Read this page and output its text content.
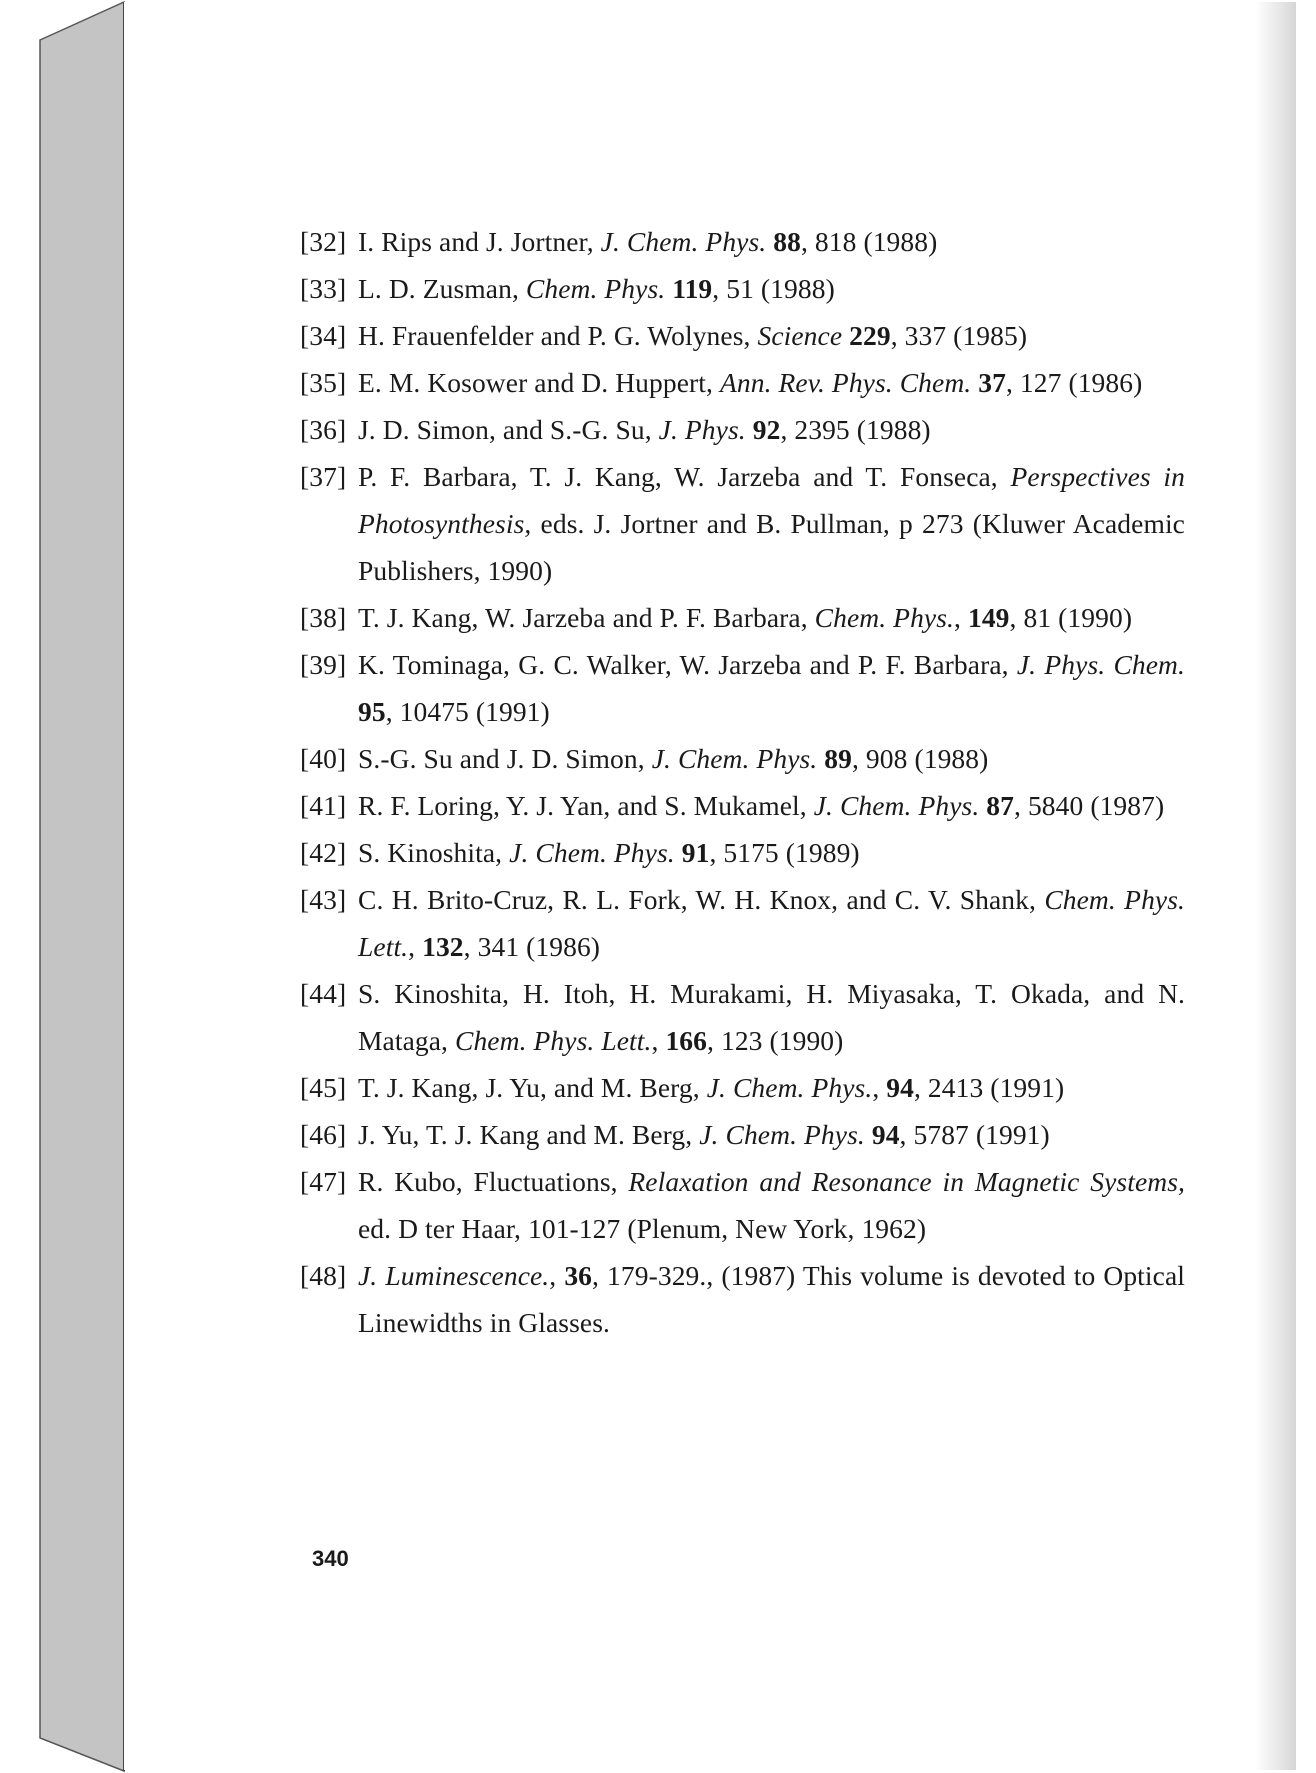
[32] I. Rips and J. Jortner, J. Chem. Phys. 88, 818 (1988)
[33] L. D. Zusman, Chem. Phys. 119, 51 (1988)
[34] H. Frauenfelder and P. G. Wolynes, Science 229, 337 (1985)
[35] E. M. Kosower and D. Huppert, Ann. Rev. Phys. Chem. 37, 127 (1986)
[36] J. D. Simon, and S.-G. Su, J. Phys. 92, 2395 (1988)
[37] P. F. Barbara, T. J. Kang, W. Jarzeba and T. Fonseca, Perspectives in Photosynthesis, eds. J. Jortner and B. Pullman, p 273 (Kluwer Academic Publishers, 1990)
[38] T. J. Kang, W. Jarzeba and P. F. Barbara, Chem. Phys., 149, 81 (1990)
[39] K. Tominaga, G. C. Walker, W. Jarzeba and P. F. Barbara, J. Phys. Chem. 95, 10475 (1991)
[40] S.-G. Su and J. D. Simon, J. Chem. Phys. 89, 908 (1988)
[41] R. F. Loring, Y. J. Yan, and S. Mukamel, J. Chem. Phys. 87, 5840 (1987)
[42] S. Kinoshita, J. Chem. Phys. 91, 5175 (1989)
[43] C. H. Brito-Cruz, R. L. Fork, W. H. Knox, and C. V. Shank, Chem. Phys. Lett., 132, 341 (1986)
[44] S. Kinoshita, H. Itoh, H. Murakami, H. Miyasaka, T. Okada, and N. Mataga, Chem. Phys. Lett., 166, 123 (1990)
[45] T. J. Kang, J. Yu, and M. Berg, J. Chem. Phys., 94, 2413 (1991)
[46] J. Yu, T. J. Kang and M. Berg, J. Chem. Phys. 94, 5787 (1991)
[47] R. Kubo, Fluctuations, Relaxation and Resonance in Magnetic Systems, ed. D ter Haar, 101-127 (Plenum, New York, 1962)
[48] J. Luminescence., 36, 179-329., (1987) This volume is devoted to Optical Linewidths in Glasses.
340
